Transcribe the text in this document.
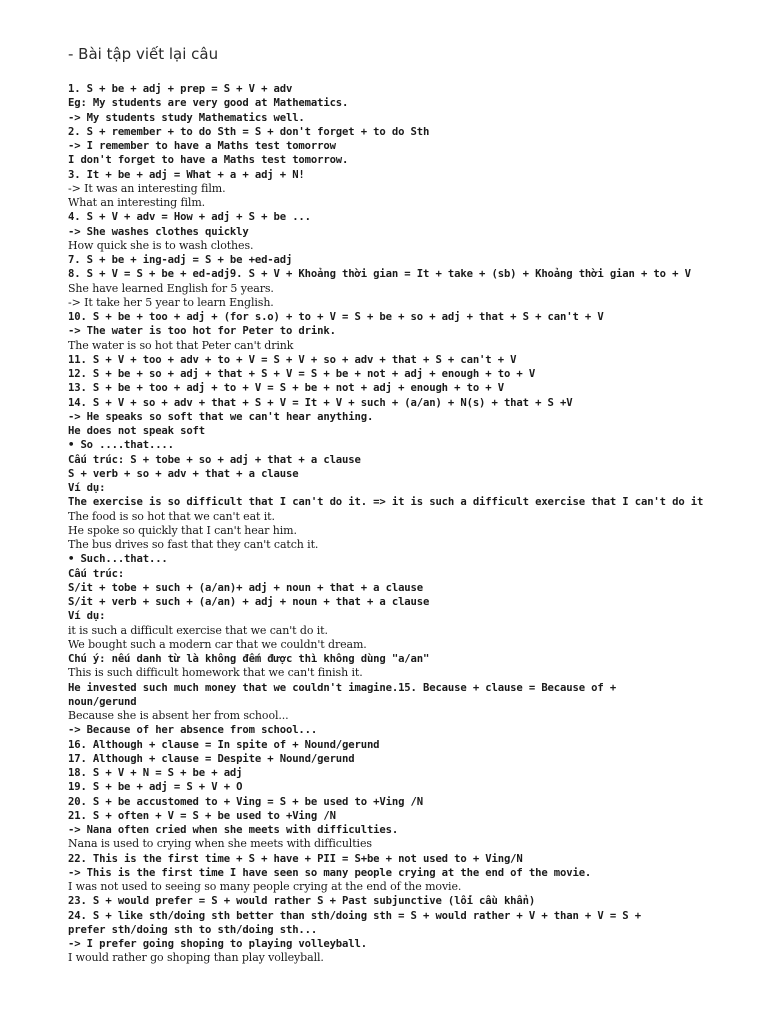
- Bài tập viết lại câu
1. S + be + adj + prep = S + V + adv
Eg: My students are very good at Mathematics.
-> My students study Mathematics well.
2. S + remember + to do Sth = S + don't forget + to do Sth
-> I remember to have a Maths test tomorrow
I don't forget to have a Maths test tomorrow.
3. It + be + adj = What + a + adj + N!
-> It was an interesting film.
What an interesting film.
4. S + V + adv = How + adj + S + be ...
-> She washes clothes quickly
How quick she is to wash clothes.
7. S + be + ing-adj = S + be +ed-adj
8. S + V = S + be + ed-adj9. S + V + Khoảng thời gian = It + take + (sb) + Khoảng thời gian + to + V
She have learned English for 5 years.
-> It take her 5 year to learn English.
10. S + be + too + adj + (for s.o) + to + V = S + be + so + adj + that + S + can't + V
-> The water is too hot for Peter to drink.
The water is so hot that Peter can't drink
11. S + V + too + adv + to + V = S + V + so + adv + that + S + can't + V
12. S + be + so + adj + that + S + V = S + be + not + adj + enough + to + V
13. S + be + too + adj + to + V = S + be + not + adj + enough + to + V
14. S + V + so + adv + that + S + V = It + V + such + (a/an) + N(s) + that + S +V
-> He speaks so soft that we can't hear anything.
He does not speak soft
• So ....that....
Cấu trúc: S + tobe + so + adj + that + a clause
S + verb + so + adv + that + a clause
Ví dụ:
The exercise is so difficult that I can't do it. => it is such a difficult exercise that I can't do it
The food is so hot that we can't eat it.
He spoke so quickly that I can't hear him.
The bus drives so fast that they can't catch it.
• Such...that...
Cấu trúc:
S/it + tobe + such + (a/an)+ adj + noun + that + a clause
S/it + verb + such + (a/an) + adj + noun + that + a clause
Ví dụ:
it is such a difficult exercise that we can't do it.
We bought such a modern car that we couldn't dream.
Chú ý: nếu danh từ là không đếm được thì không dùng "a/an"
This is such difficult homework that we can't finish it.
He invested such much money that we couldn't imagine.15. Because + clause = Because of +
noun/gerund
Because she is absent her from school...
-> Because of her absence from school...
16. Although + clause = In spite of + Nound/gerund
17. Although + clause = Despite + Nound/gerund
18. S + V + N = S + be + adj
19. S + be + adj = S + V + O
20. S + be accustomed to + Ving = S + be used to +Ving /N
21. S + often + V = S + be used to +Ving /N
-> Nana often cried when she meets with difficulties.
Nana is used to crying when she meets with difficulties
22. This is the first time + S + have + PII = S+be + not used to + Ving/N
-> This is the first time I have seen so many people crying at the end of the movie.
I was not used to seeing so many people crying at the end of the movie.
23. S + would prefer = S + would rather S + Past subjunctive (lối cầu khẩn)
24. S + like sth/doing sth better than sth/doing sth = S + would rather + V + than + V = S +
prefer sth/doing sth to sth/doing sth...
-> I prefer going shoping to playing volleyball.
I would rather go shoping than play volleyball.
